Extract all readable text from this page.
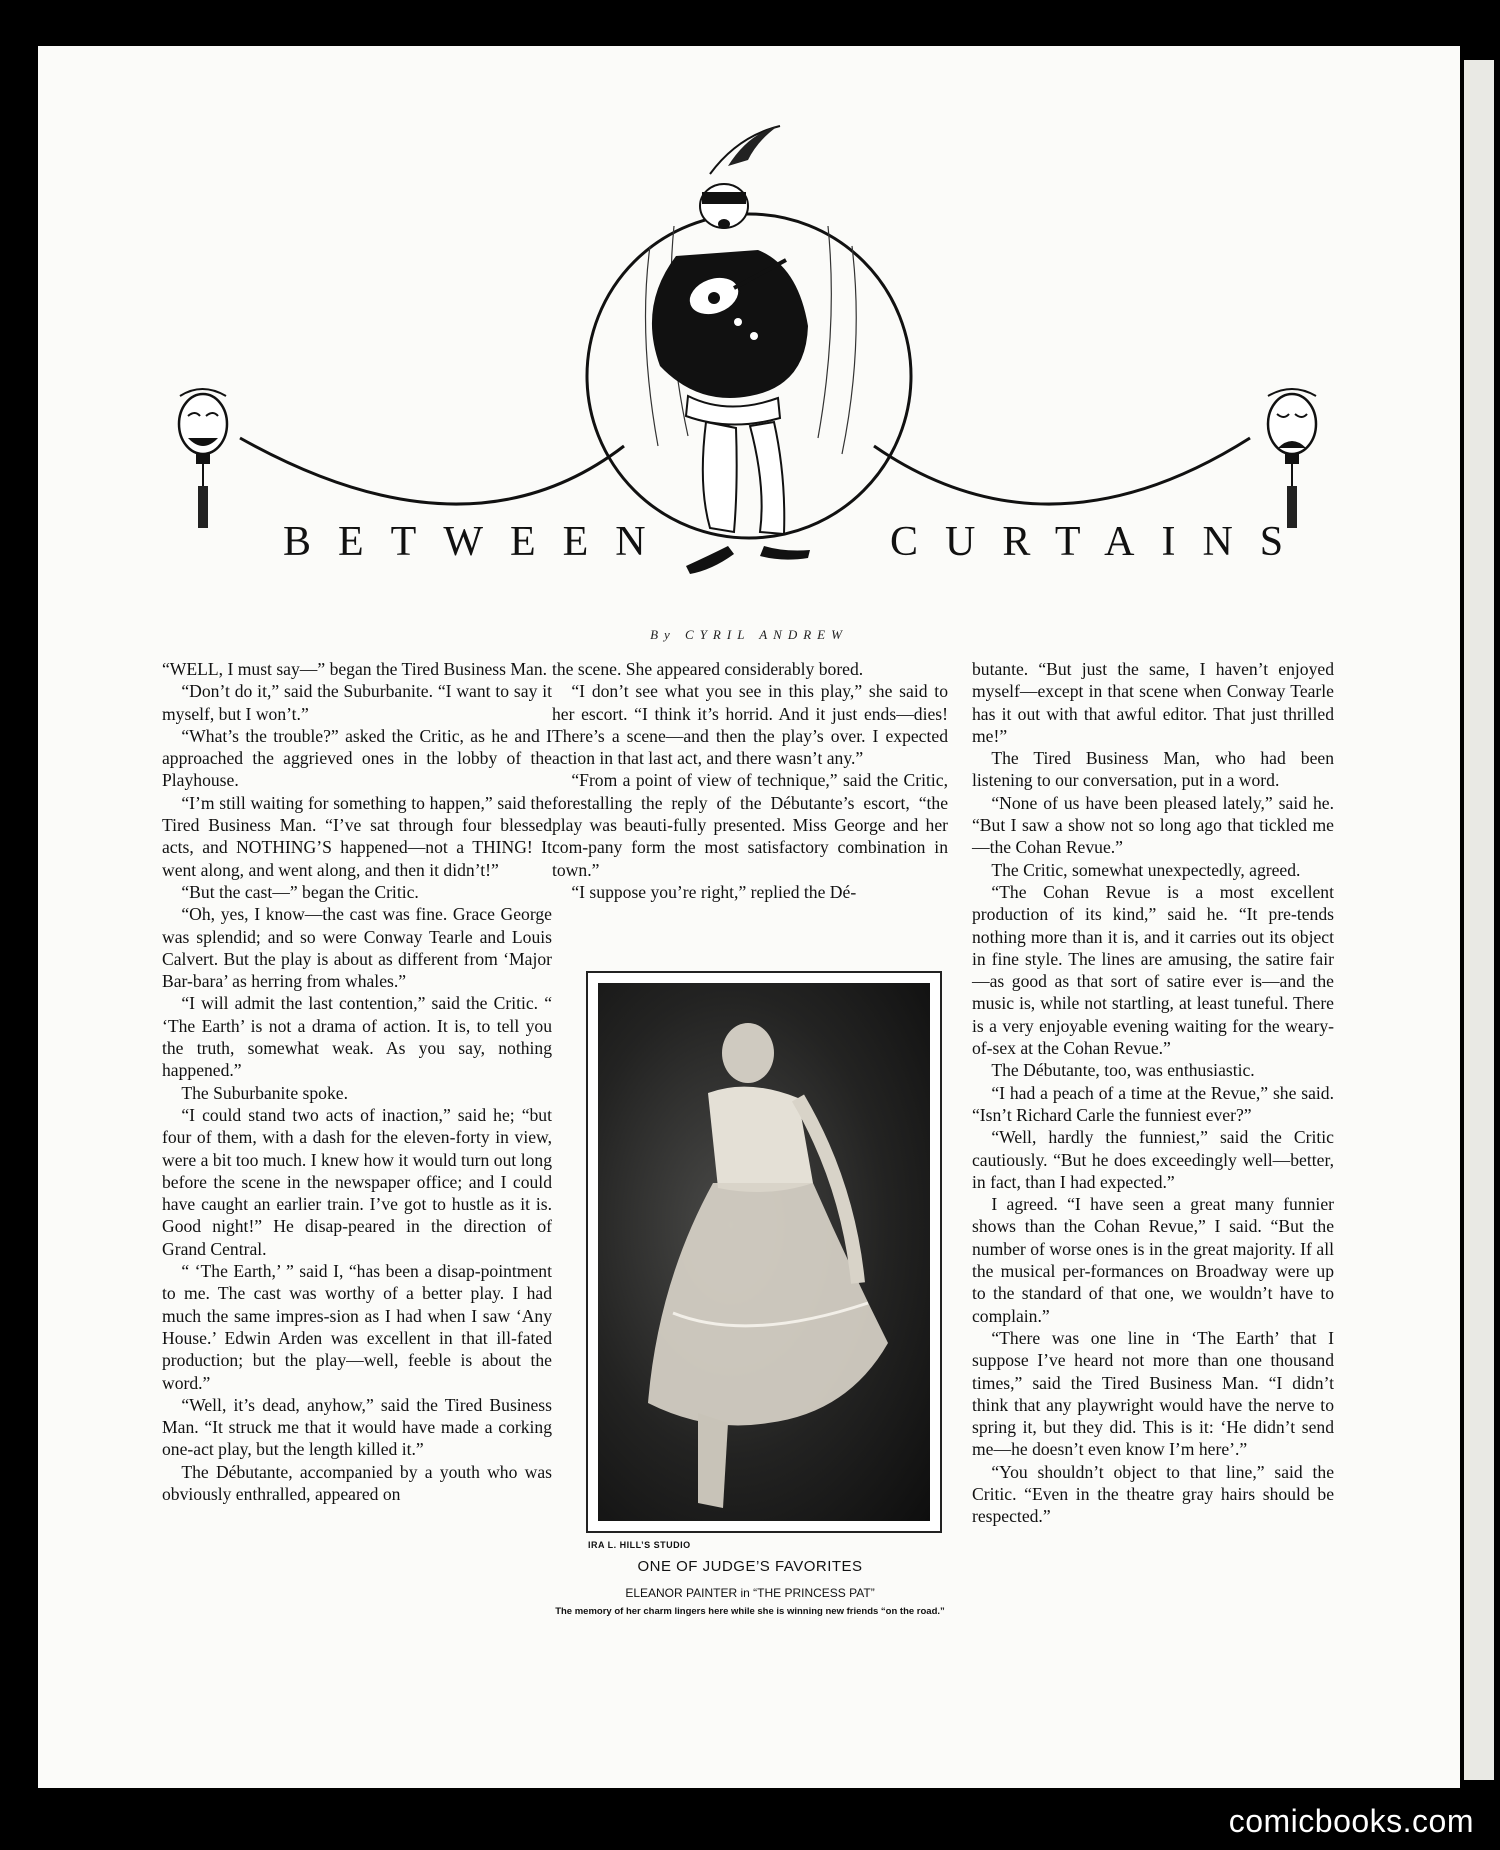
BETWEEN	CURTAINS
By CYRIL ANDREW

“WELL, I must say—” began the Tired Business Man.

“Don’t do it,” said the Suburbanite. “I want to say it myself, but I won’t.”

“What’s the trouble?” asked the Critic, as he and I approached the aggrieved ones in the lobby of the Playhouse.

“I’m still waiting for something to happen,” said the Tired Business Man. “I’ve sat through four blessed acts, and NOTHING’S happened—not a THING! It went along, and went along, and then it didn’t!”

“But the cast—” began the Critic.

“Oh, yes, I know—the cast was fine. Grace George was splendid; and so were Conway Tearle and Louis Calvert. But the play is about as different from ‘Major Bar-bara’ as herring from whales.”

“I will admit the last contention,” said the Critic. “ ‘The Earth’ is not a drama of action. It is, to tell you the truth, somewhat weak. As you say, nothing happened.”

The Suburbanite spoke.

“I could stand two acts of inaction,” said he; “but four of them, with a dash for the eleven-forty in view, were a bit too much. I knew how it would turn out long before the scene in the newspaper office; and I could have caught an earlier train. I’ve got to hustle as it is. Good night!” He disap-peared in the direction of Grand Central.

“ ‘The Earth,’ ” said I, “has been a disap-pointment to me. The cast was worthy of a better play. I had much the same impres-sion as I had when I saw ‘Any House.’ Edwin Arden was excellent in that ill-fated production; but the play—well, feeble is about the word.”

“Well, it’s dead, anyhow,” said the Tired Business Man. “It struck me that it would have made a corking one-act play, but the length killed it.”

The Débutante, accompanied by a youth who was obviously enthralled, appeared on

the scene. She appeared considerably bored.

“I don’t see what you see in this play,” she said to her escort. “I think it’s horrid. And it just ends—dies! There’s a scene—and then the play’s over. I expected action in that last act, and there wasn’t any.”

“From a point of view of technique,” said the Critic, forestalling the reply of the Débutante’s escort, “the play was beauti-fully presented. Miss George and her com-pany form the most satisfactory combination in town.”

“I suppose you’re right,” replied the Dé-

butante. “But just the same, I haven’t enjoyed myself—except in that scene when Conway Tearle has it out with that awful editor. That just thrilled me!”

The Tired Business Man, who had been listening to our conversation, put in a word.

“None of us have been pleased lately,” said he. “But I saw a show not so long ago that tickled me—the Cohan Revue.”

The Critic, somewhat unexpectedly, agreed.

“The Cohan Revue is a most excellent production of its kind,” said he. “It pre-tends nothing more than it is, and it carries out its object in fine style. The lines are amusing, the satire fair—as good as that sort of satire ever is—and the music is, while not startling, at least tuneful. There is a very enjoyable evening waiting for the weary-of-sex at the Cohan Revue.”

The Débutante, too, was enthusiastic.

“I had a peach of a time at the Revue,” she said. “Isn’t Richard Carle the funniest ever?”

“Well, hardly the funniest,” said the Critic cautiously. “But he does exceedingly well—better, in fact, than I had expected.”

I agreed. “I have seen a great many funnier shows than the Cohan Revue,” I said. “But the number of worse ones is in the great majority. If all the musical per-formances on Broadway were up to the standard of that one, we wouldn’t have to complain.”

“There was one line in ‘The Earth’ that I suppose I’ve heard not more than one thousand times,” said the Tired Business Man. “I didn’t think that any playwright would have the nerve to spring it, but they did. This is it: ‘He didn’t send me—he doesn’t even know I’m here’.”

“You shouldn’t object to that line,” said the Critic. “Even in the theatre gray hairs should be respected.”

IRA L. HILL’S STUDIO
ONE OF JUDGE’S FAVORITES
ELEANOR PAINTER in “THE PRINCESS PAT”
The memory of her charm lingers here while she is winning new friends “on the road.”
comicbooks.com
